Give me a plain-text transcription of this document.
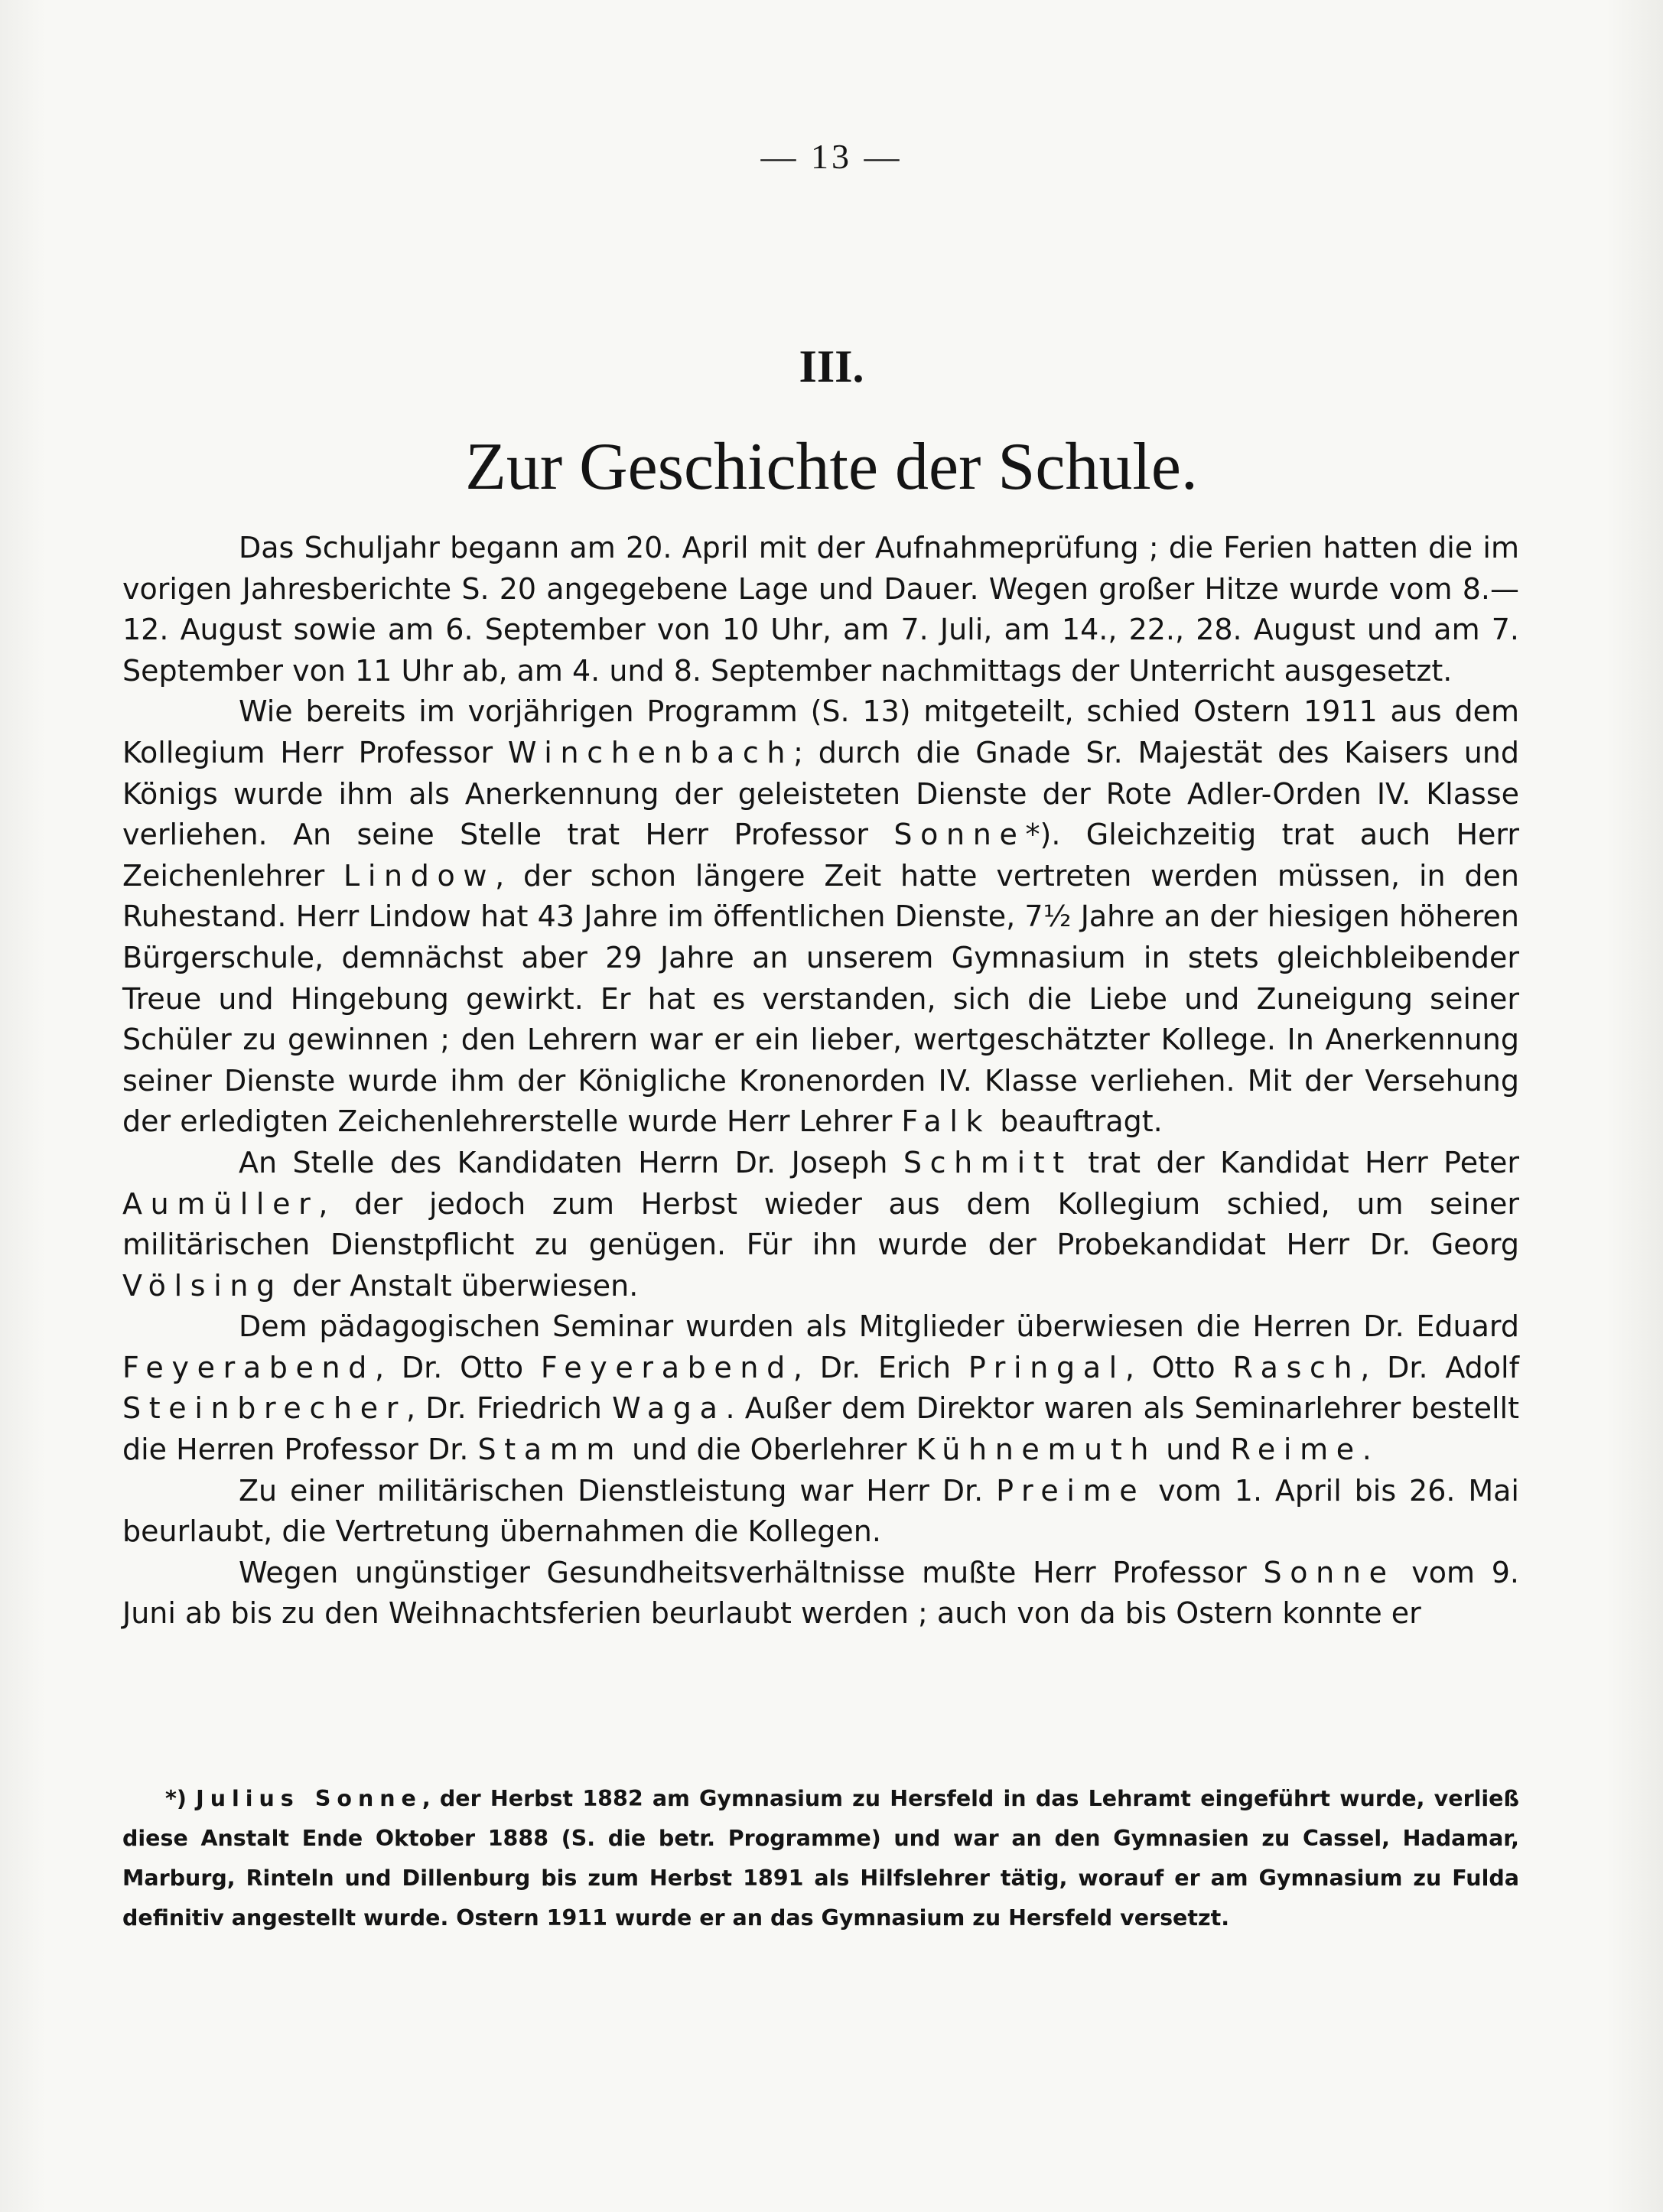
— 13 —
III.
Zur Geschichte der Schule.

Das Schuljahr begann am 20. April mit der Aufnahmeprüfung ; die Ferien hatten die im vorigen Jahresberichte S. 20 angegebene Lage und Dauer. Wegen großer Hitze wurde vom 8.—12. August sowie am 6. September von 10 Uhr, am 7. Juli, am 14., 22., 28. August und am 7. September von 11 Uhr ab, am 4. und 8. September nachmittags der Unterricht ausgesetzt.

Wie bereits im vorjährigen Programm (S. 13) mitgeteilt, schied Ostern 1911 aus dem Kollegium Herr Professor Winchenbach; durch die Gnade Sr. Majestät des Kaisers und Königs wurde ihm als Anerkennung der geleisteten Dienste der Rote Adler-Orden IV. Klasse verliehen. An seine Stelle trat Herr Professor Sonne*). Gleichzeitig trat auch Herr Zeichenlehrer Lindow, der schon längere Zeit hatte vertreten werden müssen, in den Ruhestand. Herr Lindow hat 43 Jahre im öffentlichen Dienste, 7½ Jahre an der hiesigen höheren Bürgerschule, demnächst aber 29 Jahre an unserem Gymnasium in stets gleichbleibender Treue und Hingebung gewirkt. Er hat es verstanden, sich die Liebe und Zuneigung seiner Schüler zu gewinnen ; den Lehrern war er ein lieber, wertgeschätzter Kollege. In Anerkennung seiner Dienste wurde ihm der Königliche Kronenorden IV. Klasse verliehen. Mit der Versehung der erledigten Zeichenlehrerstelle wurde Herr Lehrer Falk beauftragt.

An Stelle des Kandidaten Herrn Dr. Joseph Schmitt trat der Kandidat Herr Peter Aumüller, der jedoch zum Herbst wieder aus dem Kollegium schied, um seiner militärischen Dienstpflicht zu genügen. Für ihn wurde der Probekandidat Herr Dr. Georg Völsing der Anstalt überwiesen.

Dem pädagogischen Seminar wurden als Mitglieder überwiesen die Herren Dr. Eduard Feyerabend, Dr. Otto Feyerabend, Dr. Erich Pringal, Otto Rasch, Dr. Adolf Steinbrecher, Dr. Friedrich Waga. Außer dem Direktor waren als Seminarlehrer bestellt die Herren Professor Dr. Stamm und die Oberlehrer Kühnemuth und Reime.

Zu einer militärischen Dienstleistung war Herr Dr. Preime vom 1. April bis 26. Mai beurlaubt, die Vertretung übernahmen die Kollegen.

Wegen ungünstiger Gesundheitsverhältnisse mußte Herr Professor Sonne vom 9. Juni ab bis zu den Weihnachtsferien beurlaubt werden ; auch von da bis Ostern konnte er

*) Julius Sonne, der Herbst 1882 am Gymnasium zu Hersfeld in das Lehramt eingeführt wurde, verließ diese Anstalt Ende Oktober 1888 (S. die betr. Programme) und war an den Gymnasien zu Cassel, Hadamar, Marburg, Rinteln und Dillenburg bis zum Herbst 1891 als Hilfslehrer tätig, worauf er am Gymnasium zu Fulda definitiv angestellt wurde. Ostern 1911 wurde er an das Gymnasium zu Hersfeld versetzt.
